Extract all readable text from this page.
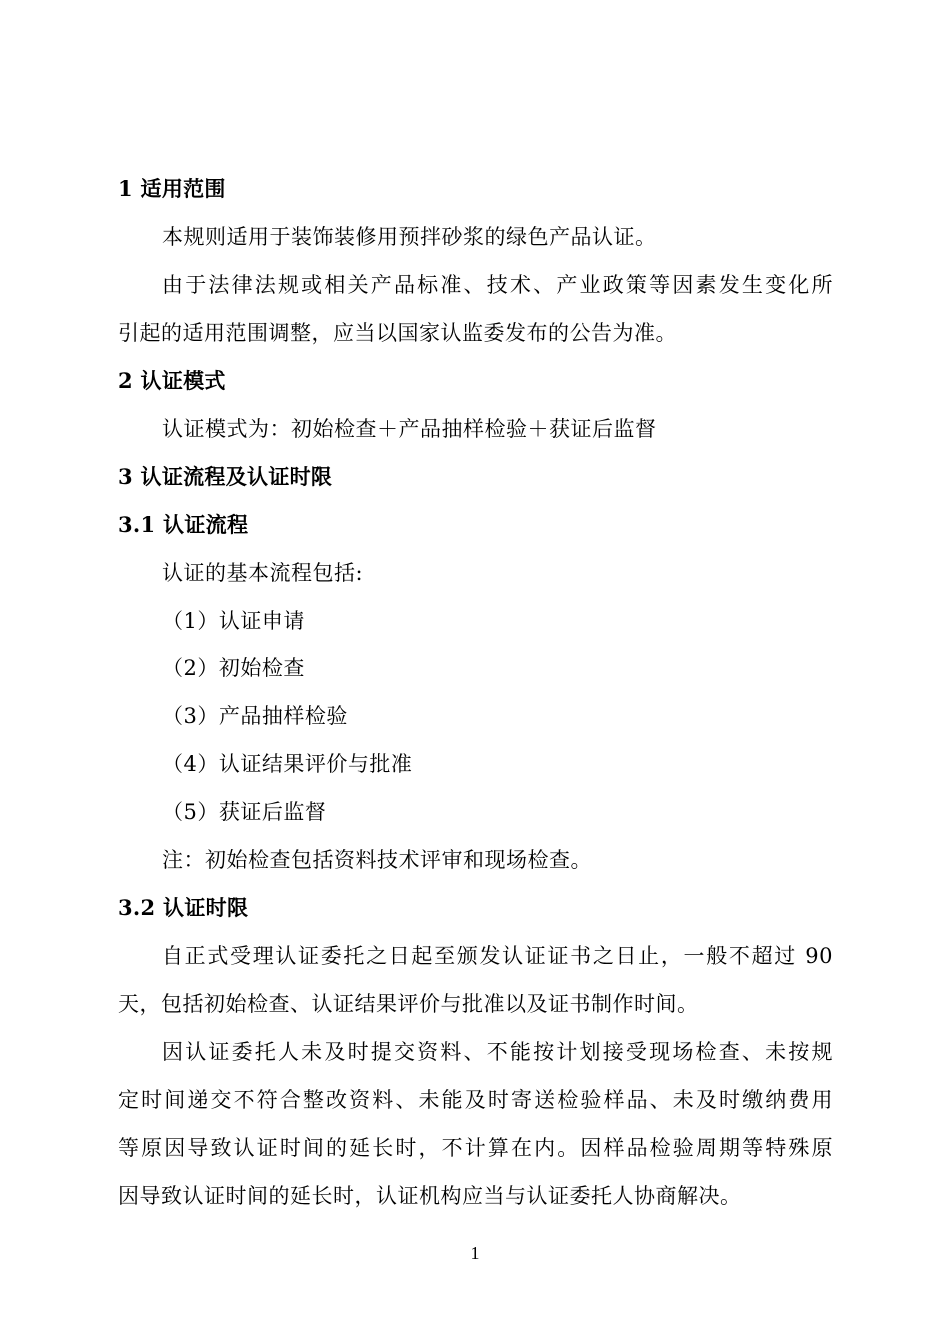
1 适用范围
本规则适用于装饰装修用预拌砂浆的绿色产品认证。
由于法律法规或相关产品标准、技术、产业政策等因素发生变化所
引起的适用范围调整，应当以国家认监委发布的公告为准。
2 认证模式
认证模式为：初始检查＋产品抽样检验＋获证后监督
3 认证流程及认证时限
3.1 认证流程
认证的基本流程包括:
（1）认证申请
（2）初始检查
（3）产品抽样检验
（4）认证结果评价与批准
（5）获证后监督
注：初始检查包括资料技术评审和现场检查。
3.2 认证时限
自正式受理认证委托之日起至颁发认证证书之日止，一般不超过 90
天，包括初始检查、认证结果评价与批准以及证书制作时间。
因认证委托人未及时提交资料、不能按计划接受现场检查、未按规
定时间递交不符合整改资料、未能及时寄送检验样品、未及时缴纳费用
等原因导致认证时间的延长时，不计算在内。因样品检验周期等特殊原
因导致认证时间的延长时，认证机构应当与认证委托人协商解决。
1
